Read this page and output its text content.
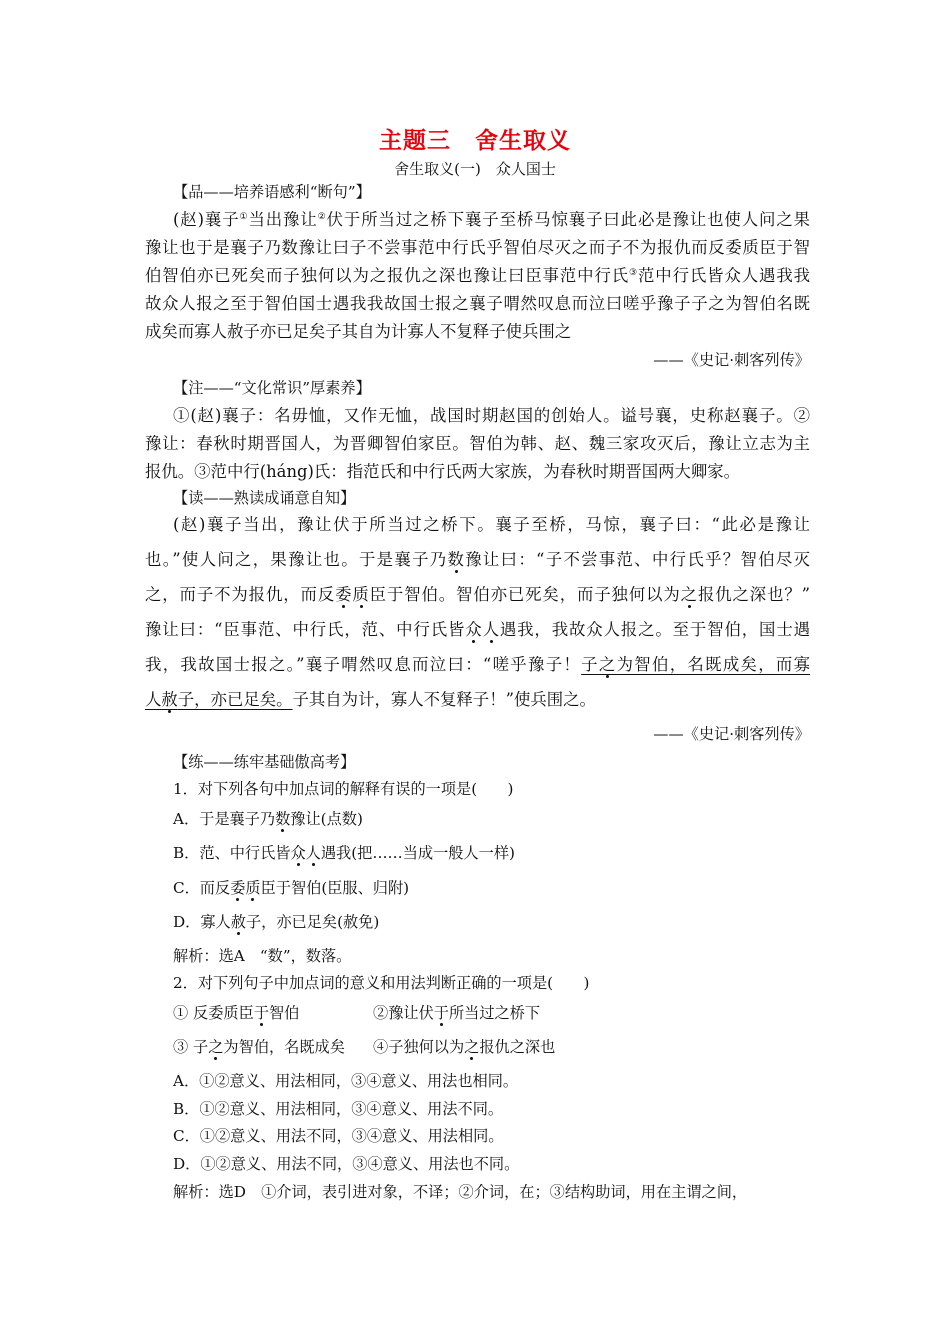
主题三　舍生取义
舍生取义(一)　众人国士
【品——培养语感利“断句”】
(赵)襄子①当出豫让②伏于所当过之桥下襄子至桥马惊襄子曰此必是豫让也使人问之果
豫让也于是襄子乃数豫让曰子不尝事范中行氏乎智伯尽灭之而子不为报仇而反委质臣于智
伯智伯亦已死矣而子独何以为之报仇之深也豫让曰臣事范中行氏③范中行氏皆众人遇我我
故众人报之至于智伯国士遇我我故国士报之襄子喟然叹息而泣曰嗟乎豫子子之为智伯名既
成矣而寡人赦子亦已足矣子其自为计寡人不复释子使兵围之
——《史记·刺客列传》
【注——“文化常识”厚素养】
①(赵)襄子：名毋恤，又作无恤，战国时期赵国的创始人。谥号襄，史称赵襄子。②
豫让：春秋时期晋国人，为晋卿智伯家臣。智伯为韩、赵、魏三家攻灭后，豫让立志为主
报仇。③范中行(háng)氏：指范氏和中行氏两大家族，为春秋时期晋国两大卿家。
【读——熟读成诵意自知】
(赵)襄子当出，豫让伏于所当过之桥下。襄子至桥，马惊，襄子曰：“此必是豫让
也。”使人问之，果豫让也。于是襄子乃数豫让曰：“子不尝事范、中行氏乎？智伯尽灭
之，而子不为报仇，而反委质臣于智伯。智伯亦已死矣，而子独何以为之报仇之深也？”
豫让曰：“臣事范、中行氏，范、中行氏皆众人遇我，我故众人报之。至于智伯，国士遇
我，我故国士报之。”襄子喟然叹息而泣曰：“嗟乎豫子！子之为智伯，名既成矣，而寡
人赦子，亦已足矣。子其自为计，寡人不复释子！”使兵围之。
——《史记·刺客列传》
【练——练牢基础傲高考】
1．对下列各句中加点词的解释有误的一项是(　　)
A．于是襄子乃数豫让(点数)
B．范、中行氏皆众人遇我(把……当成一般人一样)
C．而反委质臣于智伯(臣服、归附)
D．寡人赦子，亦已足矣(赦免)
解析：选A　“数”，数落。
2．对下列句子中加点词的意义和用法判断正确的一项是(　　)
① 反委质臣于智伯	②豫让伏于所当过之桥下
③ 子之为智伯，名既成矣 ④子独何以为之报仇之深也
A．①②意义、用法相同，③④意义、用法也相同。
B．①②意义、用法相同，③④意义、用法不同。
C．①②意义、用法不同，③④意义、用法相同。
D．①②意义、用法不同，③④意义、用法也不同。
解析：选D　①介词，表引进对象，不译；②介词，在；③结构助词，用在主谓之间，
